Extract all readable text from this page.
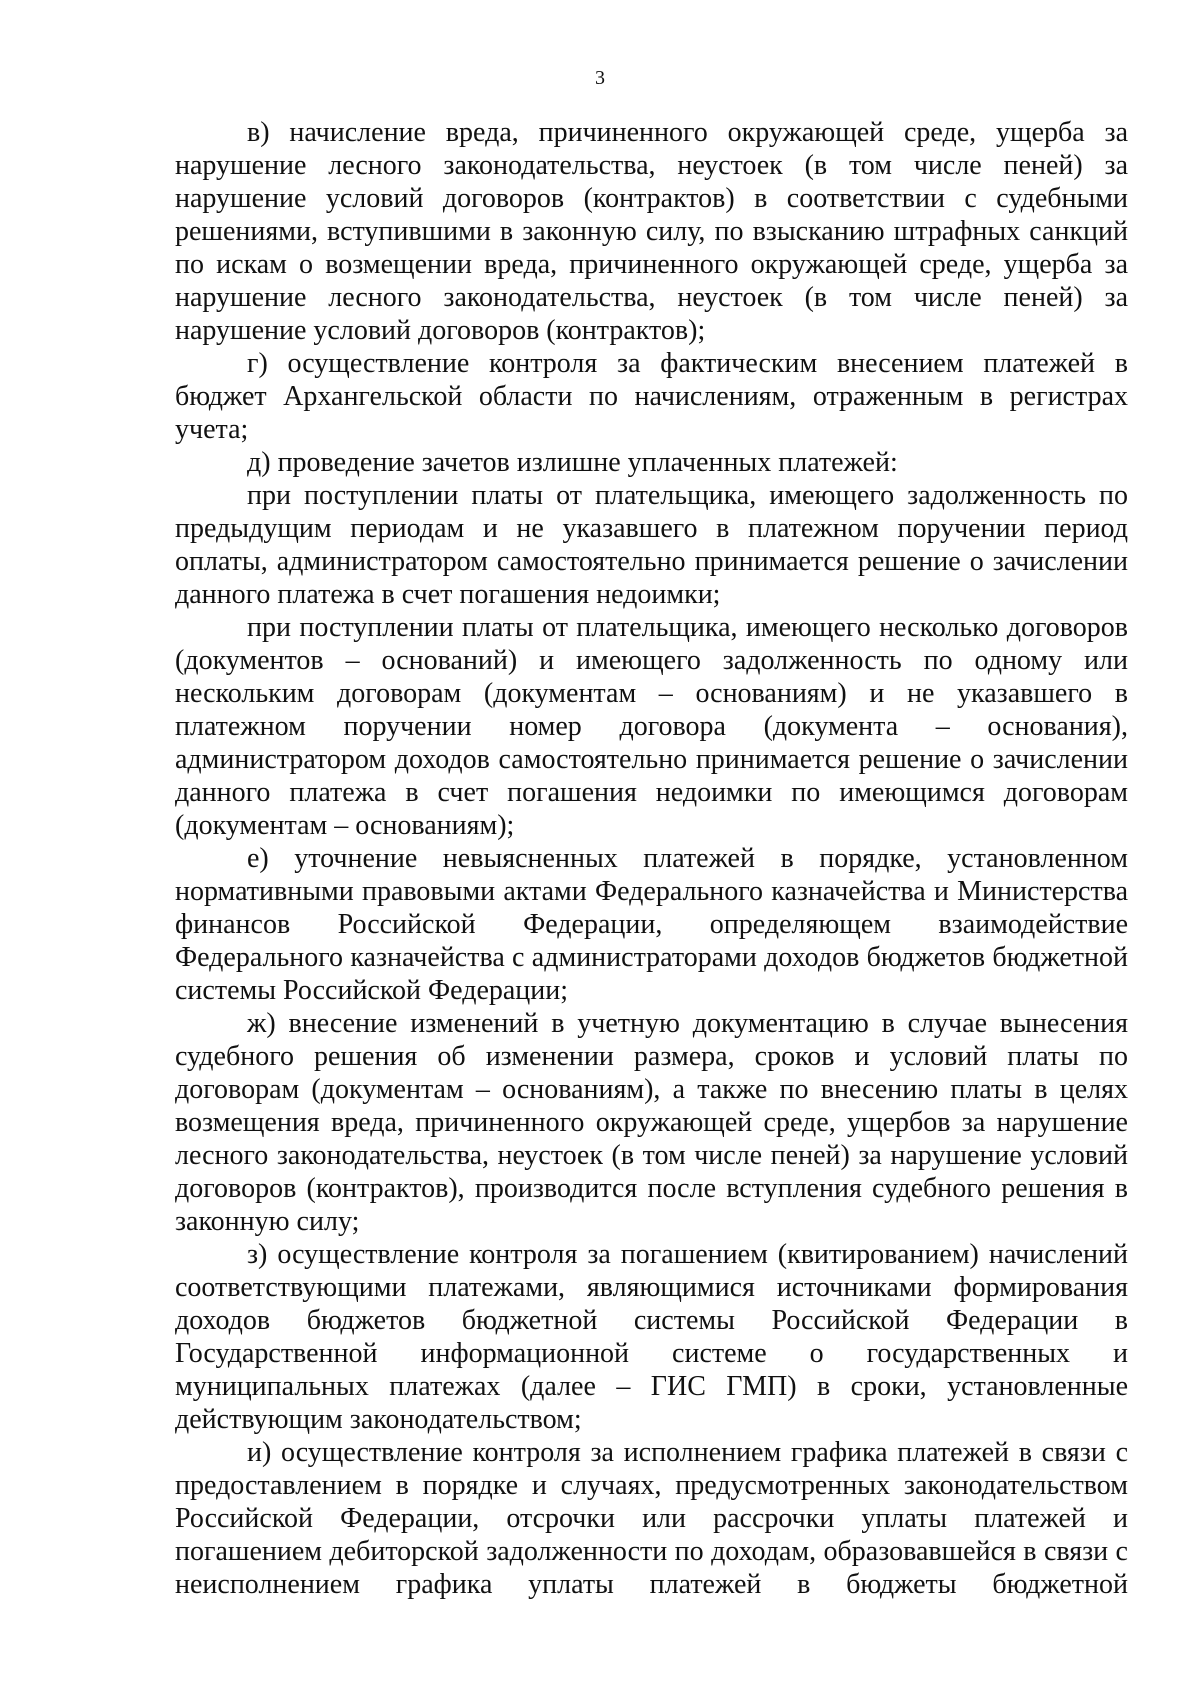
3

в) начисление вреда, причиненного окружающей среде, ущерба за нарушение лесного законодательства, неустоек (в том числе пеней) за нарушение условий договоров (контрактов) в соответствии с судебными решениями, вступившими в законную силу, по взысканию штрафных санкций по искам о возмещении вреда, причиненного окружающей среде, ущерба за нарушение лесного законодательства, неустоек (в том числе пеней) за нарушение условий договоров (контрактов);

г) осуществление контроля за фактическим внесением платежей в бюджет Архангельской области по начислениям, отраженным в регистрах учета;

д) проведение зачетов излишне уплаченных платежей:

при поступлении платы от плательщика, имеющего задолженность по предыдущим периодам и не указавшего в платежном поручении период оплаты, администратором самостоятельно принимается решение о зачислении данного платежа в счет погашения недоимки;

при поступлении платы от плательщика, имеющего несколько договоров (документов – оснований) и имеющего задолженность по одному или нескольким договорам (документам – основаниям) и не указавшего в платежном поручении номер договора (документа – основания), администратором доходов самостоятельно принимается решение о зачислении данного платежа в счет погашения недоимки по имеющимся договорам (документам – основаниям);

е) уточнение невыясненных платежей в порядке, установленном нормативными правовыми актами Федерального казначейства и Министерства финансов Российской Федерации, определяющем взаимодействие Федерального казначейства с администраторами доходов бюджетов бюджетной системы Российской Федерации;

ж) внесение изменений в учетную документацию в случае вынесения судебного решения об изменении размера, сроков и условий платы по договорам (документам – основаниям), а также по внесению платы в целях возмещения вреда, причиненного окружающей среде, ущербов за нарушение лесного законодательства, неустоек (в том числе пеней) за нарушение условий договоров (контрактов), производится после вступления судебного решения в законную силу;

з) осуществление контроля за погашением (квитированием) начислений соответствующими платежами, являющимися источниками формирования доходов бюджетов бюджетной системы Российской Федерации в Государственной информационной системе о государственных и муниципальных платежах (далее – ГИС ГМП) в сроки, установленные действующим законодательством;

и) осуществление контроля за исполнением графика платежей в связи с предоставлением в порядке и случаях, предусмотренных законодательством Российской Федерации, отсрочки или рассрочки уплаты платежей и погашением дебиторской задолженности по доходам, образовавшейся в связи с неисполнением графика уплаты платежей в бюджеты бюджетной
